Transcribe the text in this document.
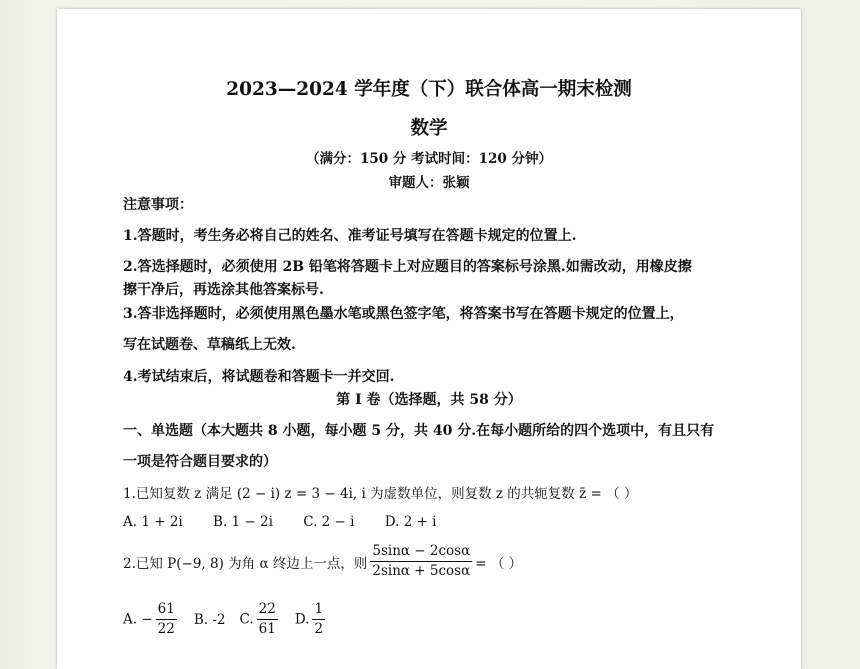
2023—2024 学年度（下）联合体高一期末检测
数学
（满分：150 分 考试时间：120 分钟）
审题人：张颖
注意事项：
1.答题时，考生务必将自己的姓名、准考证号填写在答题卡规定的位置上.
2.答选择题时，必须使用 2B 铅笔将答题卡上对应题目的答案标号涂黑.如需改动，用橡皮擦
擦干净后，再选涂其他答案标号.
3.答非选择题时，必须使用黑色墨水笔或黑色签字笔，将答案书写在答题卡规定的位置上，
写在试题卷、草稿纸上无效.
4.考试结束后，将试题卷和答题卡一并交回.
第 I 卷（选择题，共 58 分）
一、单选题（本大题共 8 小题，每小题 5 分，共 40 分.在每小题所给的四个选项中，有且只有
一项是符合题目要求的）
1.已知复数 z 满足 (2 − i) z = 3 − 4i, i 为虚数单位，则复数 z 的共轭复数 z̄ = （ ）
A. 1 + 2i B. 1 − 2i C. 2 − i D. 2 + i
2.已知 P(−9, 8) 为角 α 终边上一点，则 $\frac{5\sin\alpha - 2\cos\alpha}{2\sin\alpha + 5\cos\alpha}$ = （ ）
A. − $\frac{61}{22} B$. -2 C. $\frac{22}{61} D$. $\frac{1}{2}$
